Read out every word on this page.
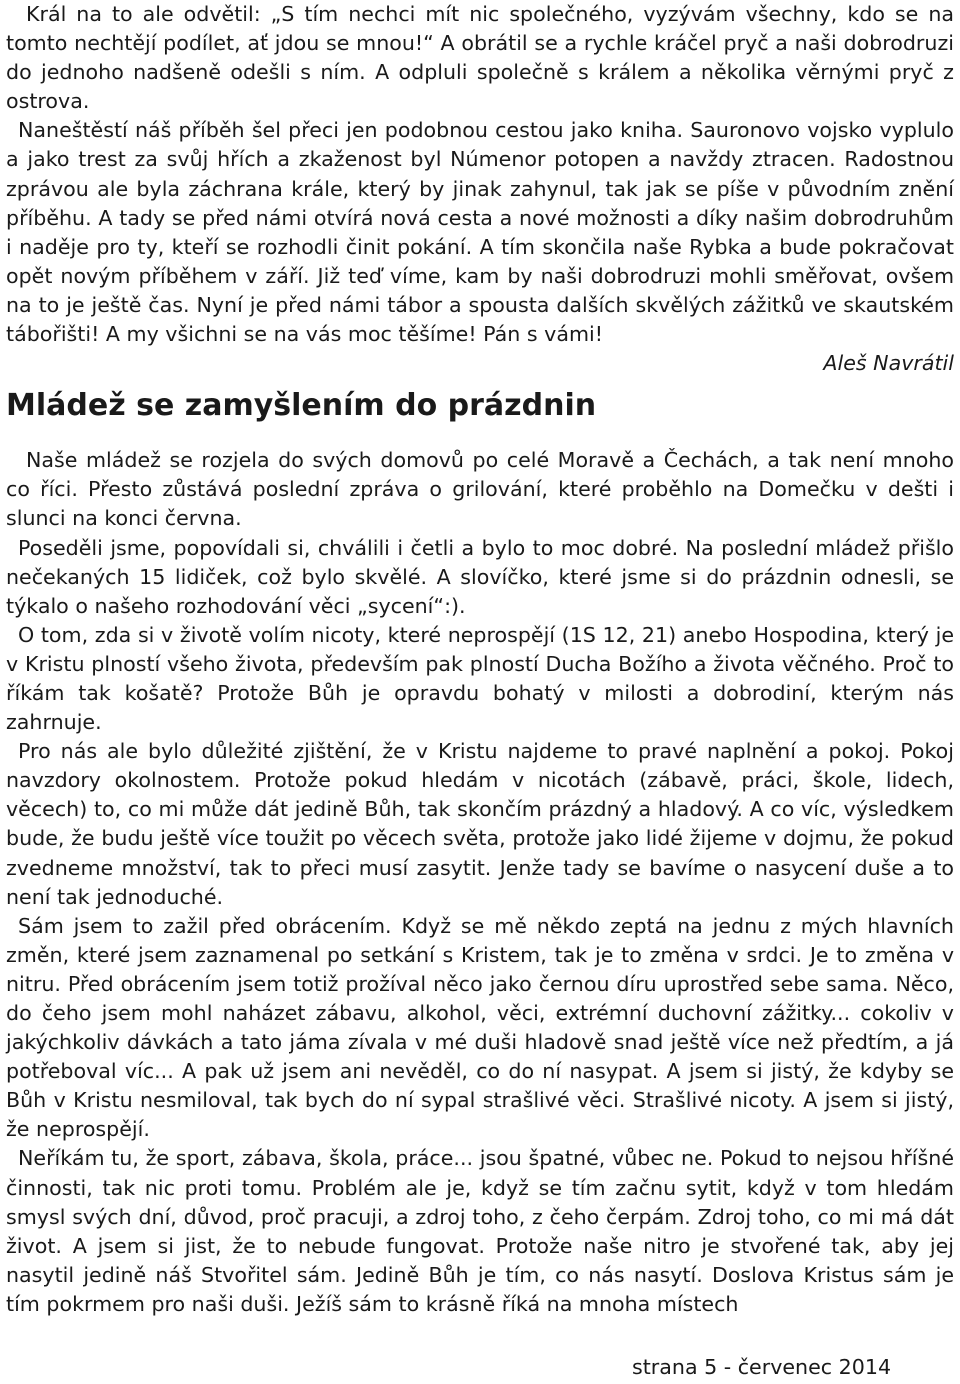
Král na to ale odvětil: „S tím nechci mít nic společného, vyzývám všechny, kdo se na tomto nechtějí podílet, ať jdou se mnou!“ A obrátil se a rychle kráčel pryč a naši dobrodruzi do jednoho nadšeně odešli s ním. A odpluli společně s králem a několika věrnými pryč z ostrova.

Naneštěstí náš příběh šel přeci jen podobnou cestou jako kniha. Sauronovo vojsko vyplulo a jako trest za svůj hřích a zkaženost byl Númenor potopen a navždy ztracen. Radostnou zprávou ale byla záchrana krále, který by jinak zahynul, tak jak se píše v původním znění příběhu. A tady se před námi otvírá nová cesta a nové možnosti a díky našim dobrodruhům i naděje pro ty, kteří se rozhodli činit pokání. A tím skončila naše Rybka a bude pokračovat opět novým příběhem v září. Již teď víme, kam by naši dobrodruzi mohli směřovat, ovšem na to je ještě čas. Nyní je před námi tábor a spousta dalších skvělých zážitků ve skautském tábořišti! A my všichni se na vás moc těšíme! Pán s vámi!

Aleš Navrátil
Mládež se zamyšlením do prázdnin

Naše mládež se rozjela do svých domovů po celé Moravě a Čechách, a tak není mnoho co říci. Přesto zůstává poslední zpráva o grilování, které proběhlo na Domečku v dešti i slunci na konci června.

Poseděli jsme, popovídali si, chválili i četli a bylo to moc dobré. Na poslední mládež přišlo nečekaných 15 lidiček, což bylo skvělé. A slovíčko, které jsme si do prázdnin odnesli, se týkalo o našeho rozhodování věci „sycení“:).

O tom, zda si v životě volím nicoty, které neprospějí (1S 12, 21) anebo Hospodina, který je v Kristu plností všeho života, především pak plností Ducha Božího a života věčného. Proč to říkám tak košatě? Protože Bůh je opravdu bohatý v milosti a dobrodiní, kterým nás zahrnuje.

Pro nás ale bylo důležité zjištění, že v Kristu najdeme to pravé naplnění a pokoj. Pokoj navzdory okolnostem. Protože pokud hledám v nicotách (zábavě, práci, škole, lidech, věcech) to, co mi může dát jedině Bůh, tak skončím prázdný a hladový. A co víc, výsledkem bude, že budu ještě více toužit po věcech světa, protože jako lidé žijeme v dojmu, že pokud zvedneme množství, tak to přeci musí zasytit. Jenže tady se bavíme o nasycení duše a to není tak jednoduché.

Sám jsem to zažil před obrácením. Když se mě někdo zeptá na jednu z mých hlavních změn, které jsem zaznamenal po setkání s Kristem, tak je to změna v srdci. Je to změna v nitru. Před obrácením jsem totiž prožíval něco jako černou díru uprostřed sebe sama. Něco, do čeho jsem mohl naházet zábavu, alkohol, věci, extrémní duchovní zážitky... cokoliv v jakýchkoliv dávkách a tato jáma zívala v mé duši hladově snad ještě více než předtím, a já potřeboval víc... A pak už jsem ani nevěděl, co do ní nasypat. A jsem si jistý, že kdyby se Bůh v Kristu nesmiloval, tak bych do ní sypal strašlivé věci. Strašlivé nicoty. A jsem si jistý, že neprospějí.

Neříkám tu, že sport, zábava, škola, práce... jsou špatné, vůbec ne. Pokud to nejsou hříšné činnosti, tak nic proti tomu. Problém ale je, když se tím začnu sytit, když v tom hledám smysl svých dní, důvod, proč pracuji, a zdroj toho, z čeho čerpám. Zdroj toho, co mi má dát život. A jsem si jist, že to nebude fungovat. Protože naše nitro je stvořené tak, aby jej nasytil jedině náš Stvořitel sám. Jedině Bůh je tím, co nás nasytí. Doslova Kristus sám je tím pokrmem pro naši duši. Ježíš sám to krásně říká na mnoha místech

strana 5 - červenec 2014
